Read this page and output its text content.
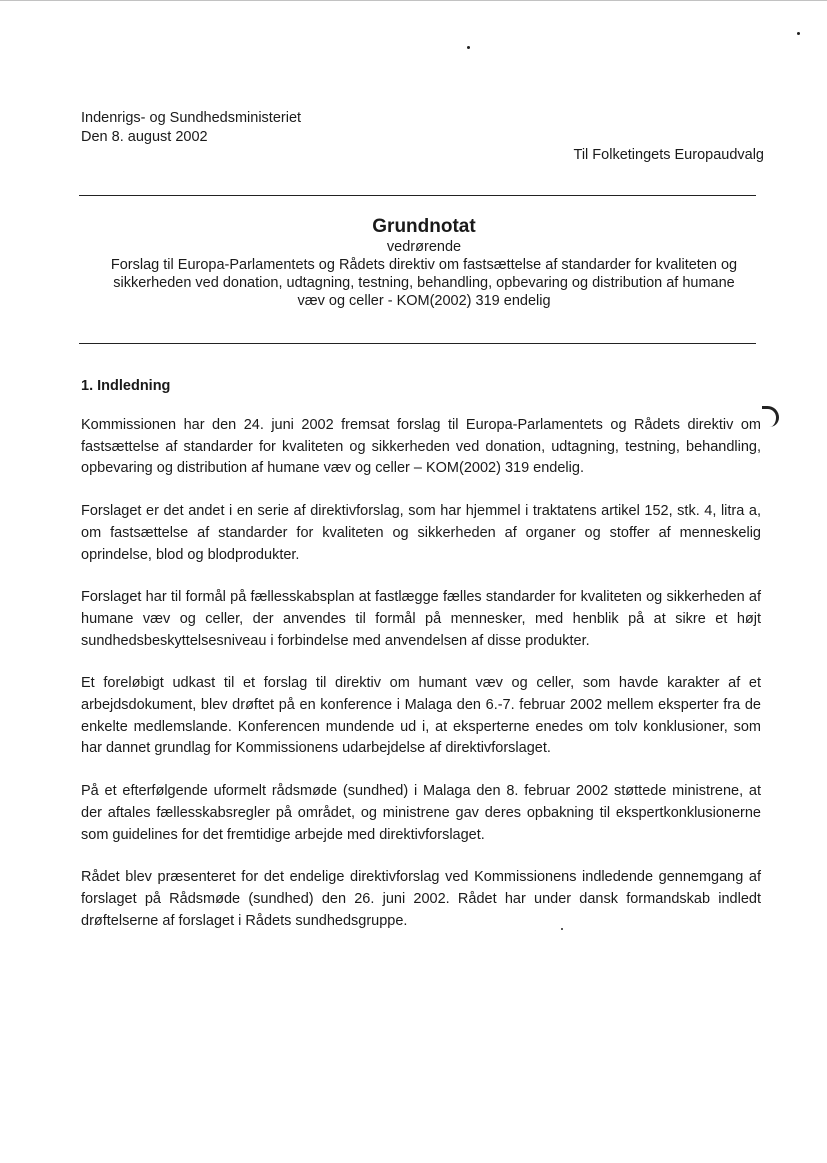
Indenrigs- og Sundhedsministeriet
Den 8. august 2002
Til Folketingets Europaudvalg
Grundnotat
vedrørende
Forslag til Europa-Parlamentets og Rådets direktiv om fastsættelse af standarder for kvaliteten og
sikkerheden ved donation, udtagning, testning, behandling, opbevaring og distribution af humane
væv og celler - KOM(2002) 319 endelig
1. Indledning

Kommissionen har den 24. juni 2002 fremsat forslag til Europa-Parlamentets og Rådets direktiv om fastsættelse af standarder for kvaliteten og sikkerheden ved donation, udtagning, testning, behandling, opbevaring og distribution af humane væv og celler – KOM(2002) 319 endelig.

Forslaget er det andet i en serie af direktivforslag, som har hjemmel i traktatens artikel 152, stk. 4, litra a, om fastsættelse af standarder for kvaliteten og sikkerheden af organer og stoffer af menneskelig oprindelse, blod og blodprodukter.

Forslaget har til formål på fællesskabsplan at fastlægge fælles standarder for kvaliteten og sikkerheden af humane væv og celler, der anvendes til formål på mennesker, med henblik på at sikre et højt sundhedsbeskyttelsesniveau i forbindelse med anvendelsen af disse produkter.

Et foreløbigt udkast til et forslag til direktiv om humant væv og celler, som havde karakter af et arbejdsdokument, blev drøftet på en konference i Malaga den 6.-7. februar 2002 mellem eksperter fra de enkelte medlemslande. Konferencen mundende ud i, at eksperterne enedes om tolv konklusioner, som har dannet grundlag for Kommissionens udarbejdelse af direktivforslaget.

På et efterfølgende uformelt rådsmøde (sundhed) i Malaga den 8. februar 2002 støttede ministrene, at der aftales fællesskabsregler på området, og ministrene gav deres opbakning til ekspertkonklusionerne som guidelines for det fremtidige arbejde med direktivforslaget.

Rådet blev præsenteret for det endelige direktivforslag ved Kommissionens indledende gennemgang af forslaget på Rådsmøde (sundhed) den 26. juni 2002. Rådet har under dansk formandskab indledt drøftelserne af forslaget i Rådets sundhedsgruppe.
